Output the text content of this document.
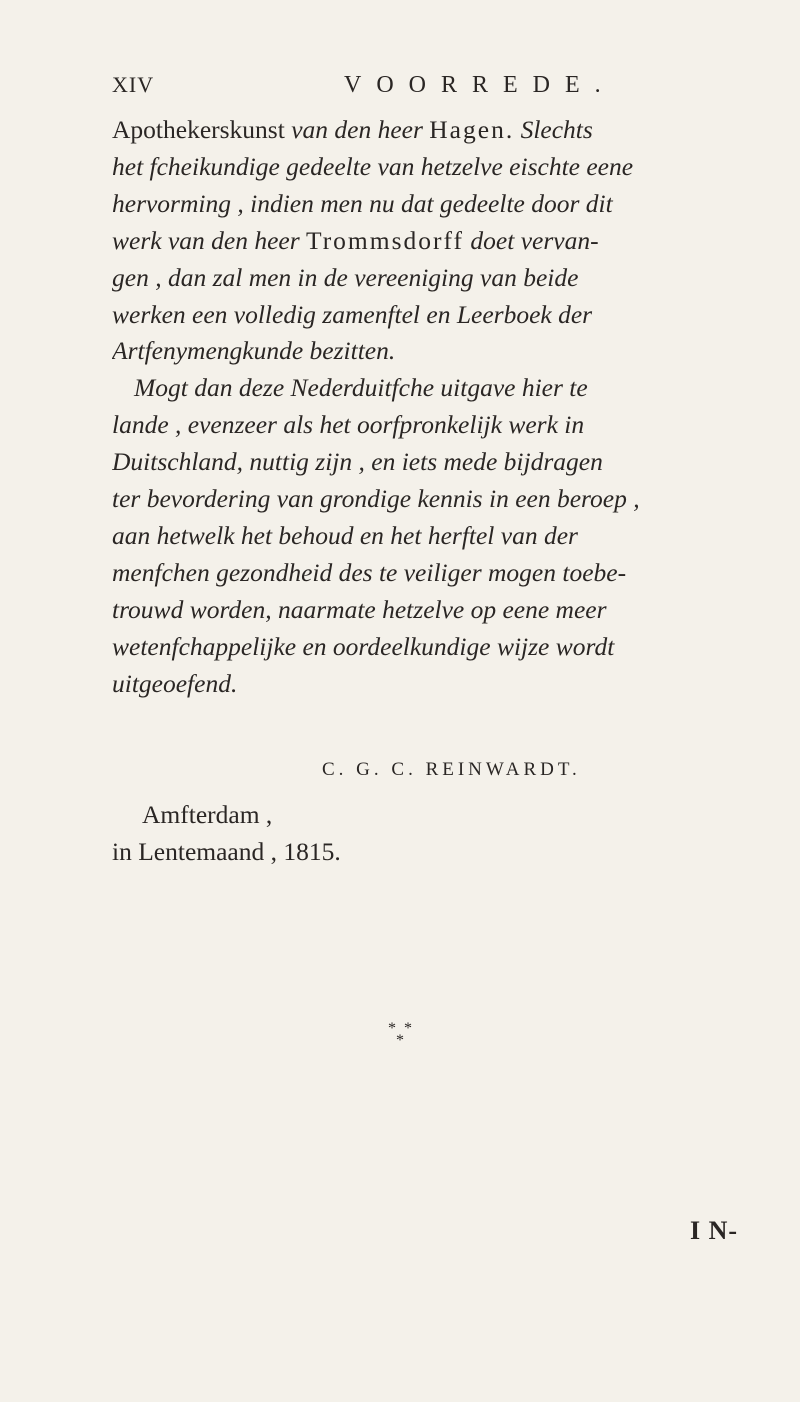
XIV	VOORREDE.
Apothekerskunst van den heer Hagen. Slechts
het fcheikundige gedeelte van hetzelve eischte eene
hervorming , indien men nu dat gedeelte door dit
werk van den heer Trommsdorff doet vervan-
gen , dan zal men in de vereeniging van beide
werken een volledig zamenftel en Leerboek der
Artfenymengkunde bezitten.
Mogt dan deze Nederduitfche uitgave hier te
lande , evenzeer als het oorfpronkelijk werk in
Duitschland, nuttig zijn , en iets mede bijdragen
ter bevordering van grondige kennis in een beroep ,
aan hetwelk het behoud en het herftel van der
menfchen gezondheid des te veiliger mogen toebe-
trouwd worden, naarmate hetzelve op eene meer
wetenfchappelijke en oordeelkundige wijze wordt
uitgeoefend.
C. G. C. REINWARDT.
Amfterdam ,
in Lentemaand , 1815.
* *
*
I N-
